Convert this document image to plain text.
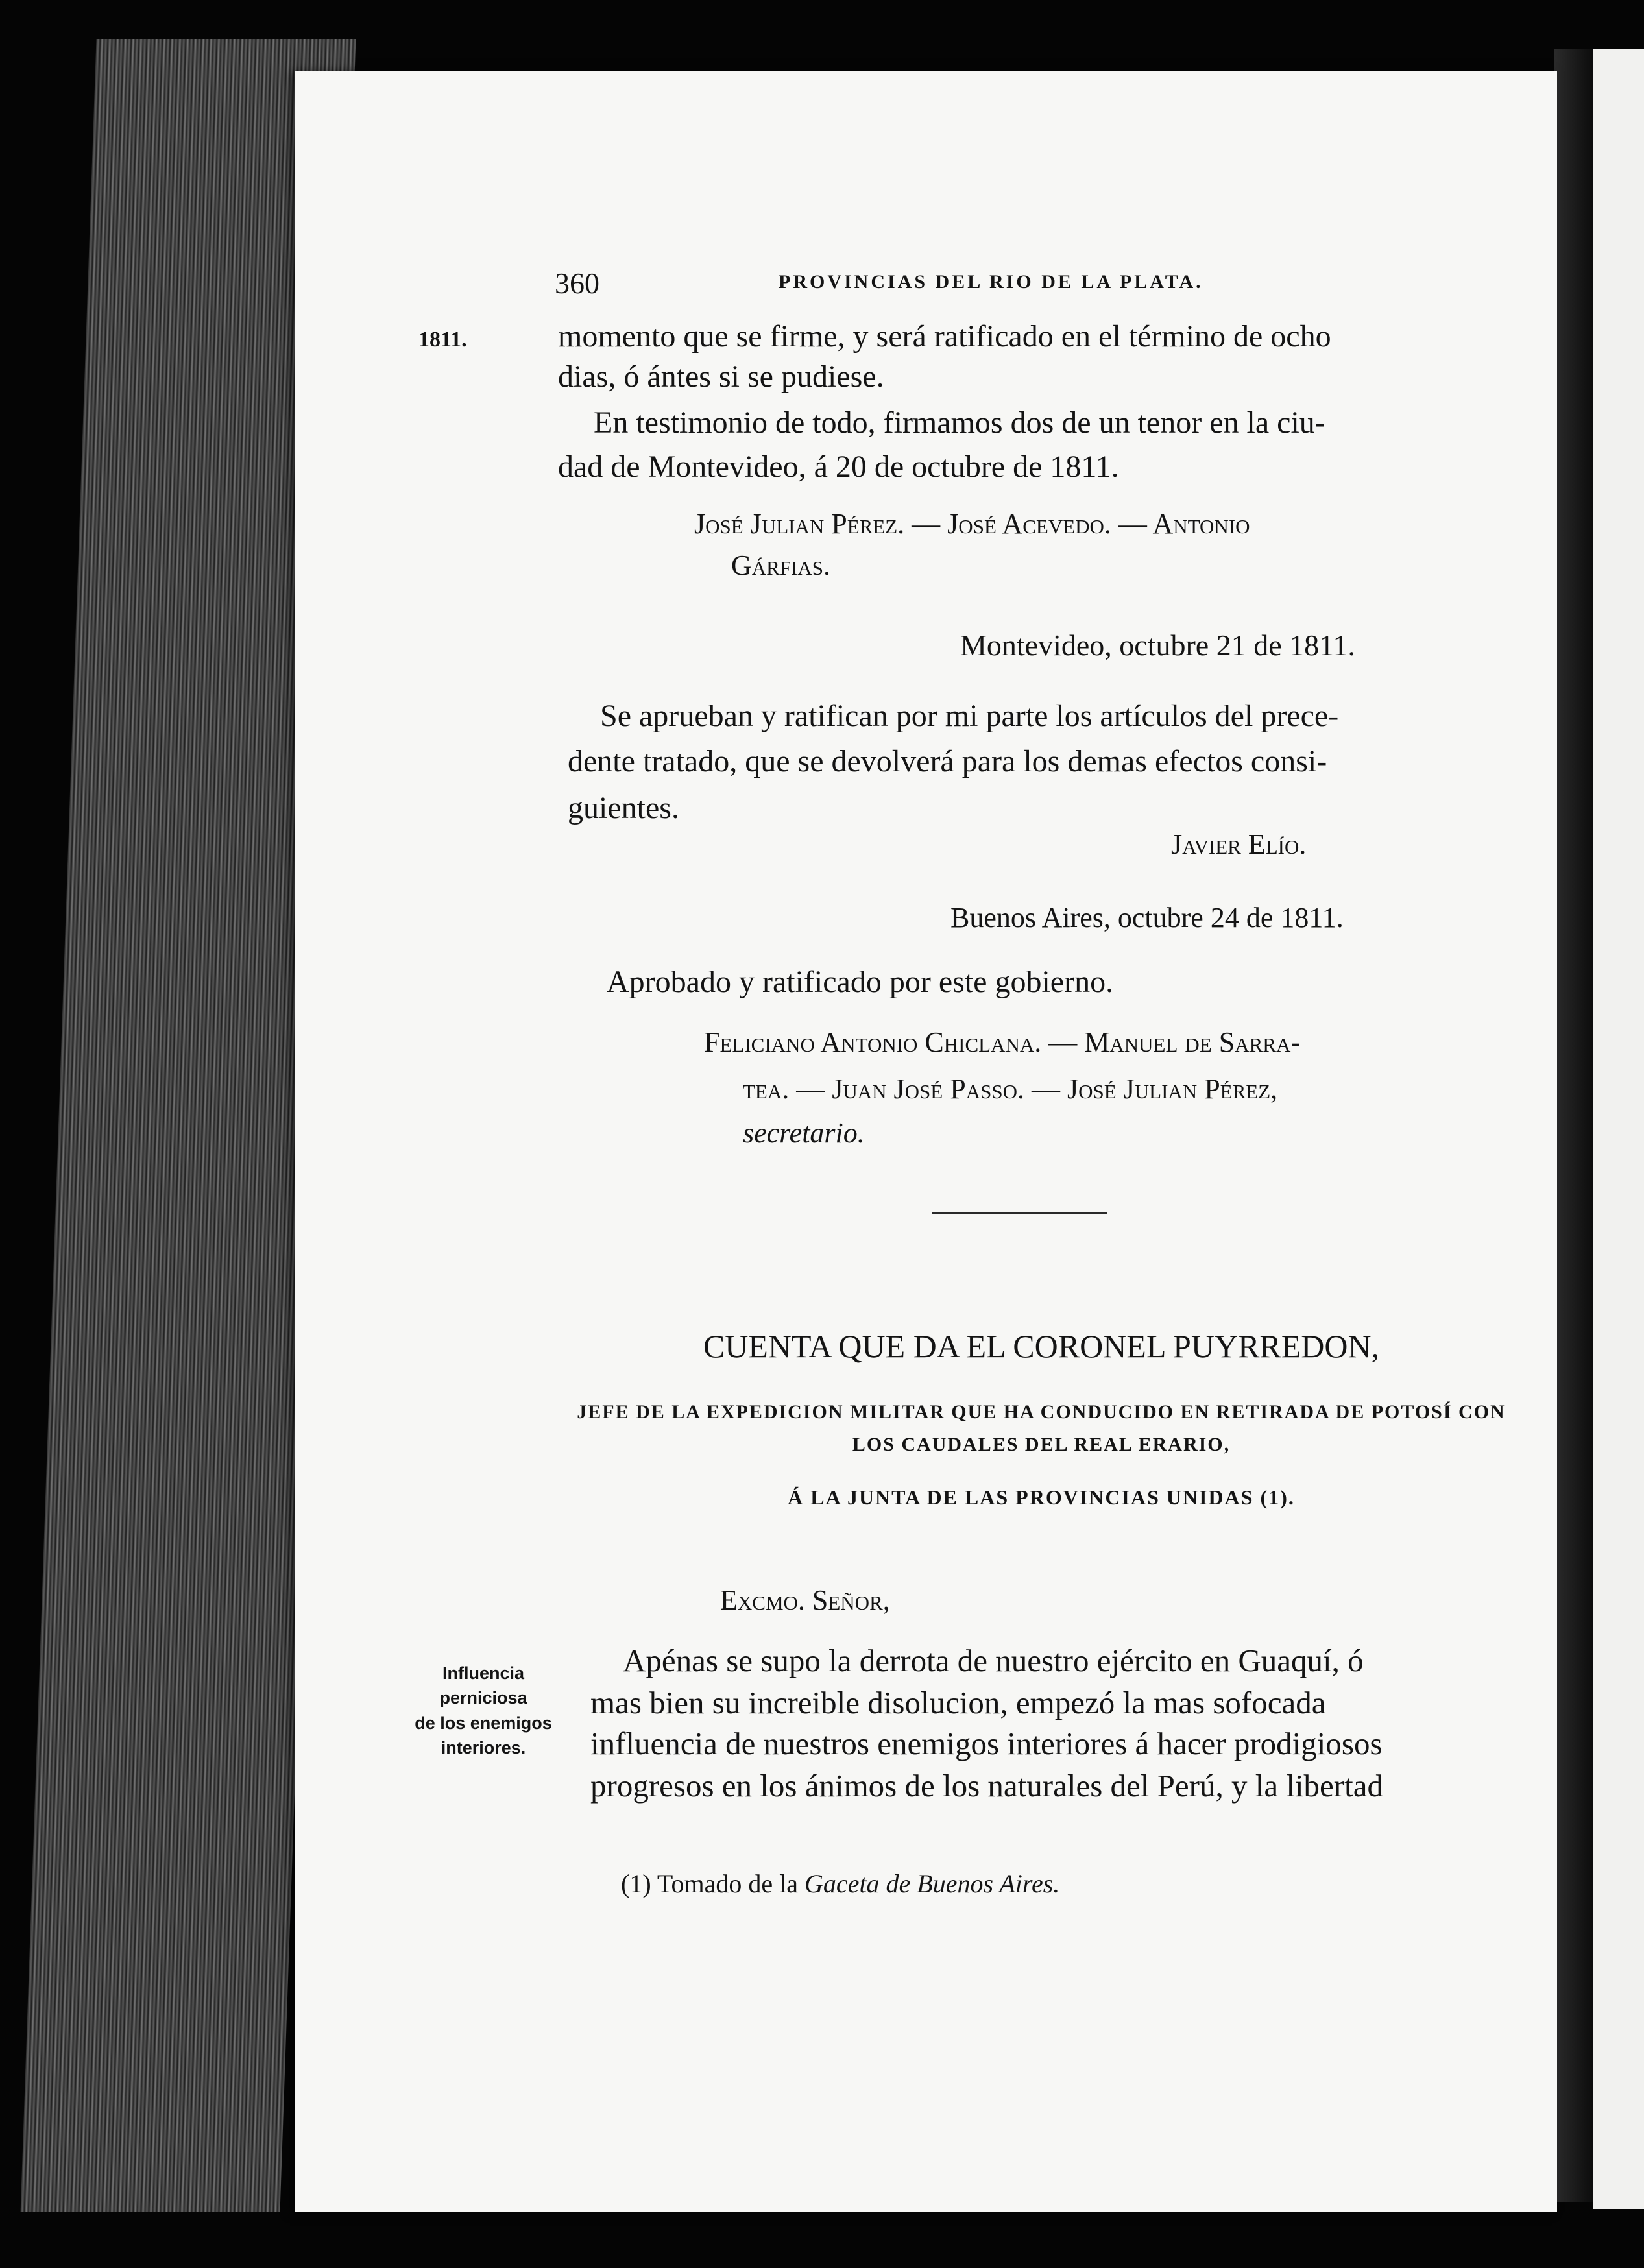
360	PROVINCIAS DEL RIO DE LA PLATA.
1811.	momento que se firme, y será ratificado en el término de ocho
dias, ó ántes si se pudiese.
En testimonio de todo, firmamos dos de un tenor en la ciu-
dad de Montevideo, á 20 de octubre de 1811.
José Julian Pérez. — José Acevedo. — Antonio
Gárfias.
Montevideo, octubre 21 de 1811.
Se aprueban y ratifican por mi parte los artículos del prece-
dente tratado, que se devolverá para los demas efectos consi-
guientes.
Javier Elío.
Buenos Aires, octubre 24 de 1811.
Aprobado y ratificado por este gobierno.
Feliciano Antonio Chiclana. — Manuel de Sarra-
tea. — Juan José Passo. — José Julian Pérez,
secretario.
CUENTA QUE DA EL CORONEL PUYRREDON,
JEFE DE LA EXPEDICION MILITAR QUE HA CONDUCIDO EN RETIRADA DE POTOSÍ CON
LOS CAUDALES DEL REAL ERARIO,
Á LA JUNTA DE LAS PROVINCIAS UNIDAS (1).
Excmo. Señor,
Influencia
perniciosa
de los enemigos
interiores.
Apénas se supo la derrota de nuestro ejército en Guaquí, ó
mas bien su increible disolucion, empezó la mas sofocada
influencia de nuestros enemigos interiores á hacer prodigiosos
progresos en los ánimos de los naturales del Perú, y la libertad
(1) Tomado de la Gaceta de Buenos Aires.
